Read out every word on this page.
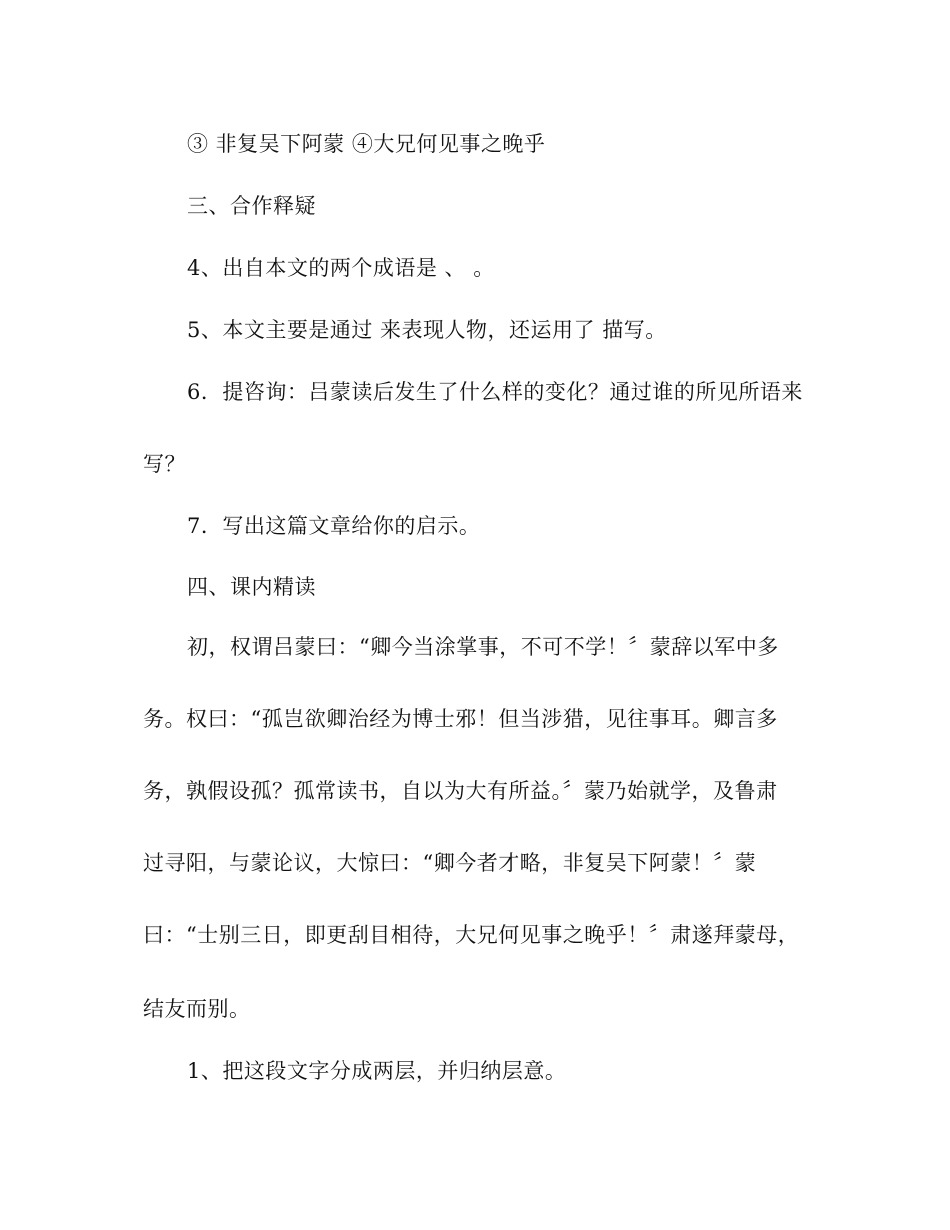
③ 非复吴下阿蒙 ④大兄何见事之晚乎
三、合作释疑
4、出自本文的两个成语是 、 。
5、本文主要是通过 来表现人物，还运用了 描写。
6．提咨询：吕蒙读后发生了什么样的变化？通过谁的所见所语来
写？
7．写出这篇文章给你的启示。
四、课内精读
初，权谓吕蒙曰：“卿今当涂掌事，不可不学！〞蒙辞以军中多
务。权曰：“孤岂欲卿治经为博士邪！但当涉猎，见往事耳。卿言多
务，孰假设孤？孤常读书，自以为大有所益。〞蒙乃始就学，及鲁肃
过寻阳，与蒙论议，大惊曰：“卿今者才略，非复吴下阿蒙！〞蒙
曰：“士别三日，即更刮目相待，大兄何见事之晚乎！〞肃遂拜蒙母，
结友而别。
1、把这段文字分成两层，并归纳层意。
